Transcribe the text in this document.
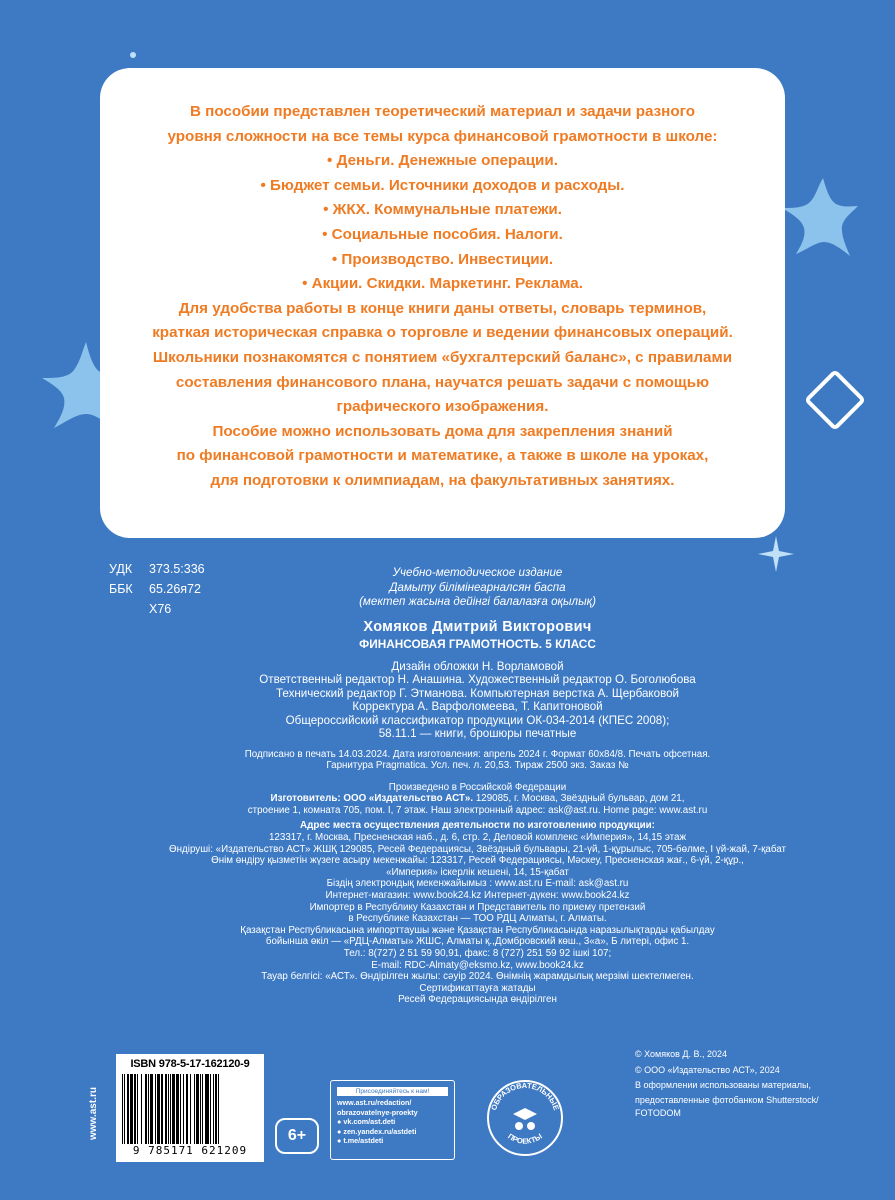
В пособии представлен теоретический материал и задачи разного

уровня сложности на все темы курса финансовой грамотности в школе:

• Деньги. Денежные операции.

• Бюджет семьи. Источники доходов и расходы.

• ЖКХ. Коммунальные платежи.

• Социальные пособия. Налоги.

• Производство. Инвестиции.

• Акции. Скидки. Маркетинг. Реклама.

Для удобства работы в конце книги даны ответы, словарь терминов,

краткая историческая справка о торговле и ведении финансовых операций.

Школьники познакомятся с понятием «бухгалтерский баланс», с правилами

составления финансового плана, научатся решать задачи с помощью

графического изображения.

Пособие можно использовать дома для закрепления знаний

по финансовой грамотности и математике, а также в школе на уроках,

для подготовки к олимпиадам, на факультативных занятиях.

УДК	373.5:336
ББК	65.26я72
Х76
Учебно-методическое издание
Дамыту білімінеарналсян баспа
(мектеп жасына дейінгі балалазға оқылық)
Хомяков Дмитрий Викторович
ФИНАНСОВАЯ ГРАМОТНОСТЬ. 5 КЛАСС
Дизайн обложки Н. Ворламовой
Ответственный редактор Н. Анашина. Художественный редактор О. Боголюбова
Технический редактор Г. Этманова. Компьютерная верстка А. Щербаковой
Корректура А. Варфоломеева, Т. Капитоновой
Общероссийский классификатор продукции ОК-034-2014 (КПЕС 2008);
58.11.1 — книги, брошюры печатные
Подписано в печать 14.03.2024. Дата изготовления: апрель 2024 г. Формат 60х84/8. Печать офсетная.
Гарнитура Pragmatica. Усл. печ. л. 20,53. Тираж 2500 экз. Заказ №
Произведено в Российской Федерации
Изготовитель: ООО «Издательство АСТ». 129085, г. Москва, Звёздный бульвар, дом 21,
строение 1, комната 705, пом. I, 7 этаж. Наш электронный адрес: ask@ast.ru. Home page: www.ast.ru
Адрес места осуществления деятельности по изготовлению продукции:
123317, г. Москва, Пресненская наб., д. 6, стр. 2, Деловой комплекс «Империя», 14,15 этаж
Өндіруші: «Издательство АСТ» ЖШҚ 129085, Ресей Федерациясы, Звёздный бульвары, 21-үй, 1-құрылыс, 705-бөлме, I үй-жай, 7-қабат
Өнім өндіру қызметін жүзеге асыру мекенжайы: 123317, Ресей Федерациясы, Мәскеу, Пресненская жағ., 6-үй, 2-құр.,
«Империя» іскерлік кешені, 14, 15-қабат
Біздің электрондық мекенжайымыз : www.ast.ru E-mail: ask@ast.ru
Интернет-магазин: www.book24.kz Интернет-дүкен: www.book24.kz
Импортер в Республику Казахстан и Представитель по приему претензий
в Республике Казахстан — ТОО РДЦ Алматы, г. Алматы.
Қазақстан Республикасына импорттаушы және Қазақстан Республикасында наразылықтарды қабылдау
бойынша өкіл — «РДЦ-Алматы» ЖШС, Алматы қ.,Домбровский көш., 3«а», Б литері, офис 1.
Тел.: 8(727) 2 51 59 90,91, факс: 8 (727) 251 59 92 ішкі 107;
E-mail: RDC-Almaty@eksmo.kz, www.book24.kz
Тауар белгісі: «АСТ». Өндірілген жылы: сәуір 2024. Өнімнің жарамдылық мерзімі шектелмеген.
Сертификаттауға жатады
Ресей Федерациясында өндірілген
© Хомяков Д. В., 2024
© ООО «Издательство АСТ», 2024
В оформлении использованы материалы,
предоставленные фотобанком Shutterstock/
FOTODOM
www.ast.ru
ISBN 978-5-17-162120-9
9 785171 621209
6+
Присоединяйтесь к нам!
www.ast.ru/redaction/
obrazovatelnye-proekty
● vk.com/ast.deti
● zen.yandex.ru/astdeti
● t.me/astdeti
ОБРАЗОВАТЕЛЬНЫЕ
ПРОЕКТЫ
